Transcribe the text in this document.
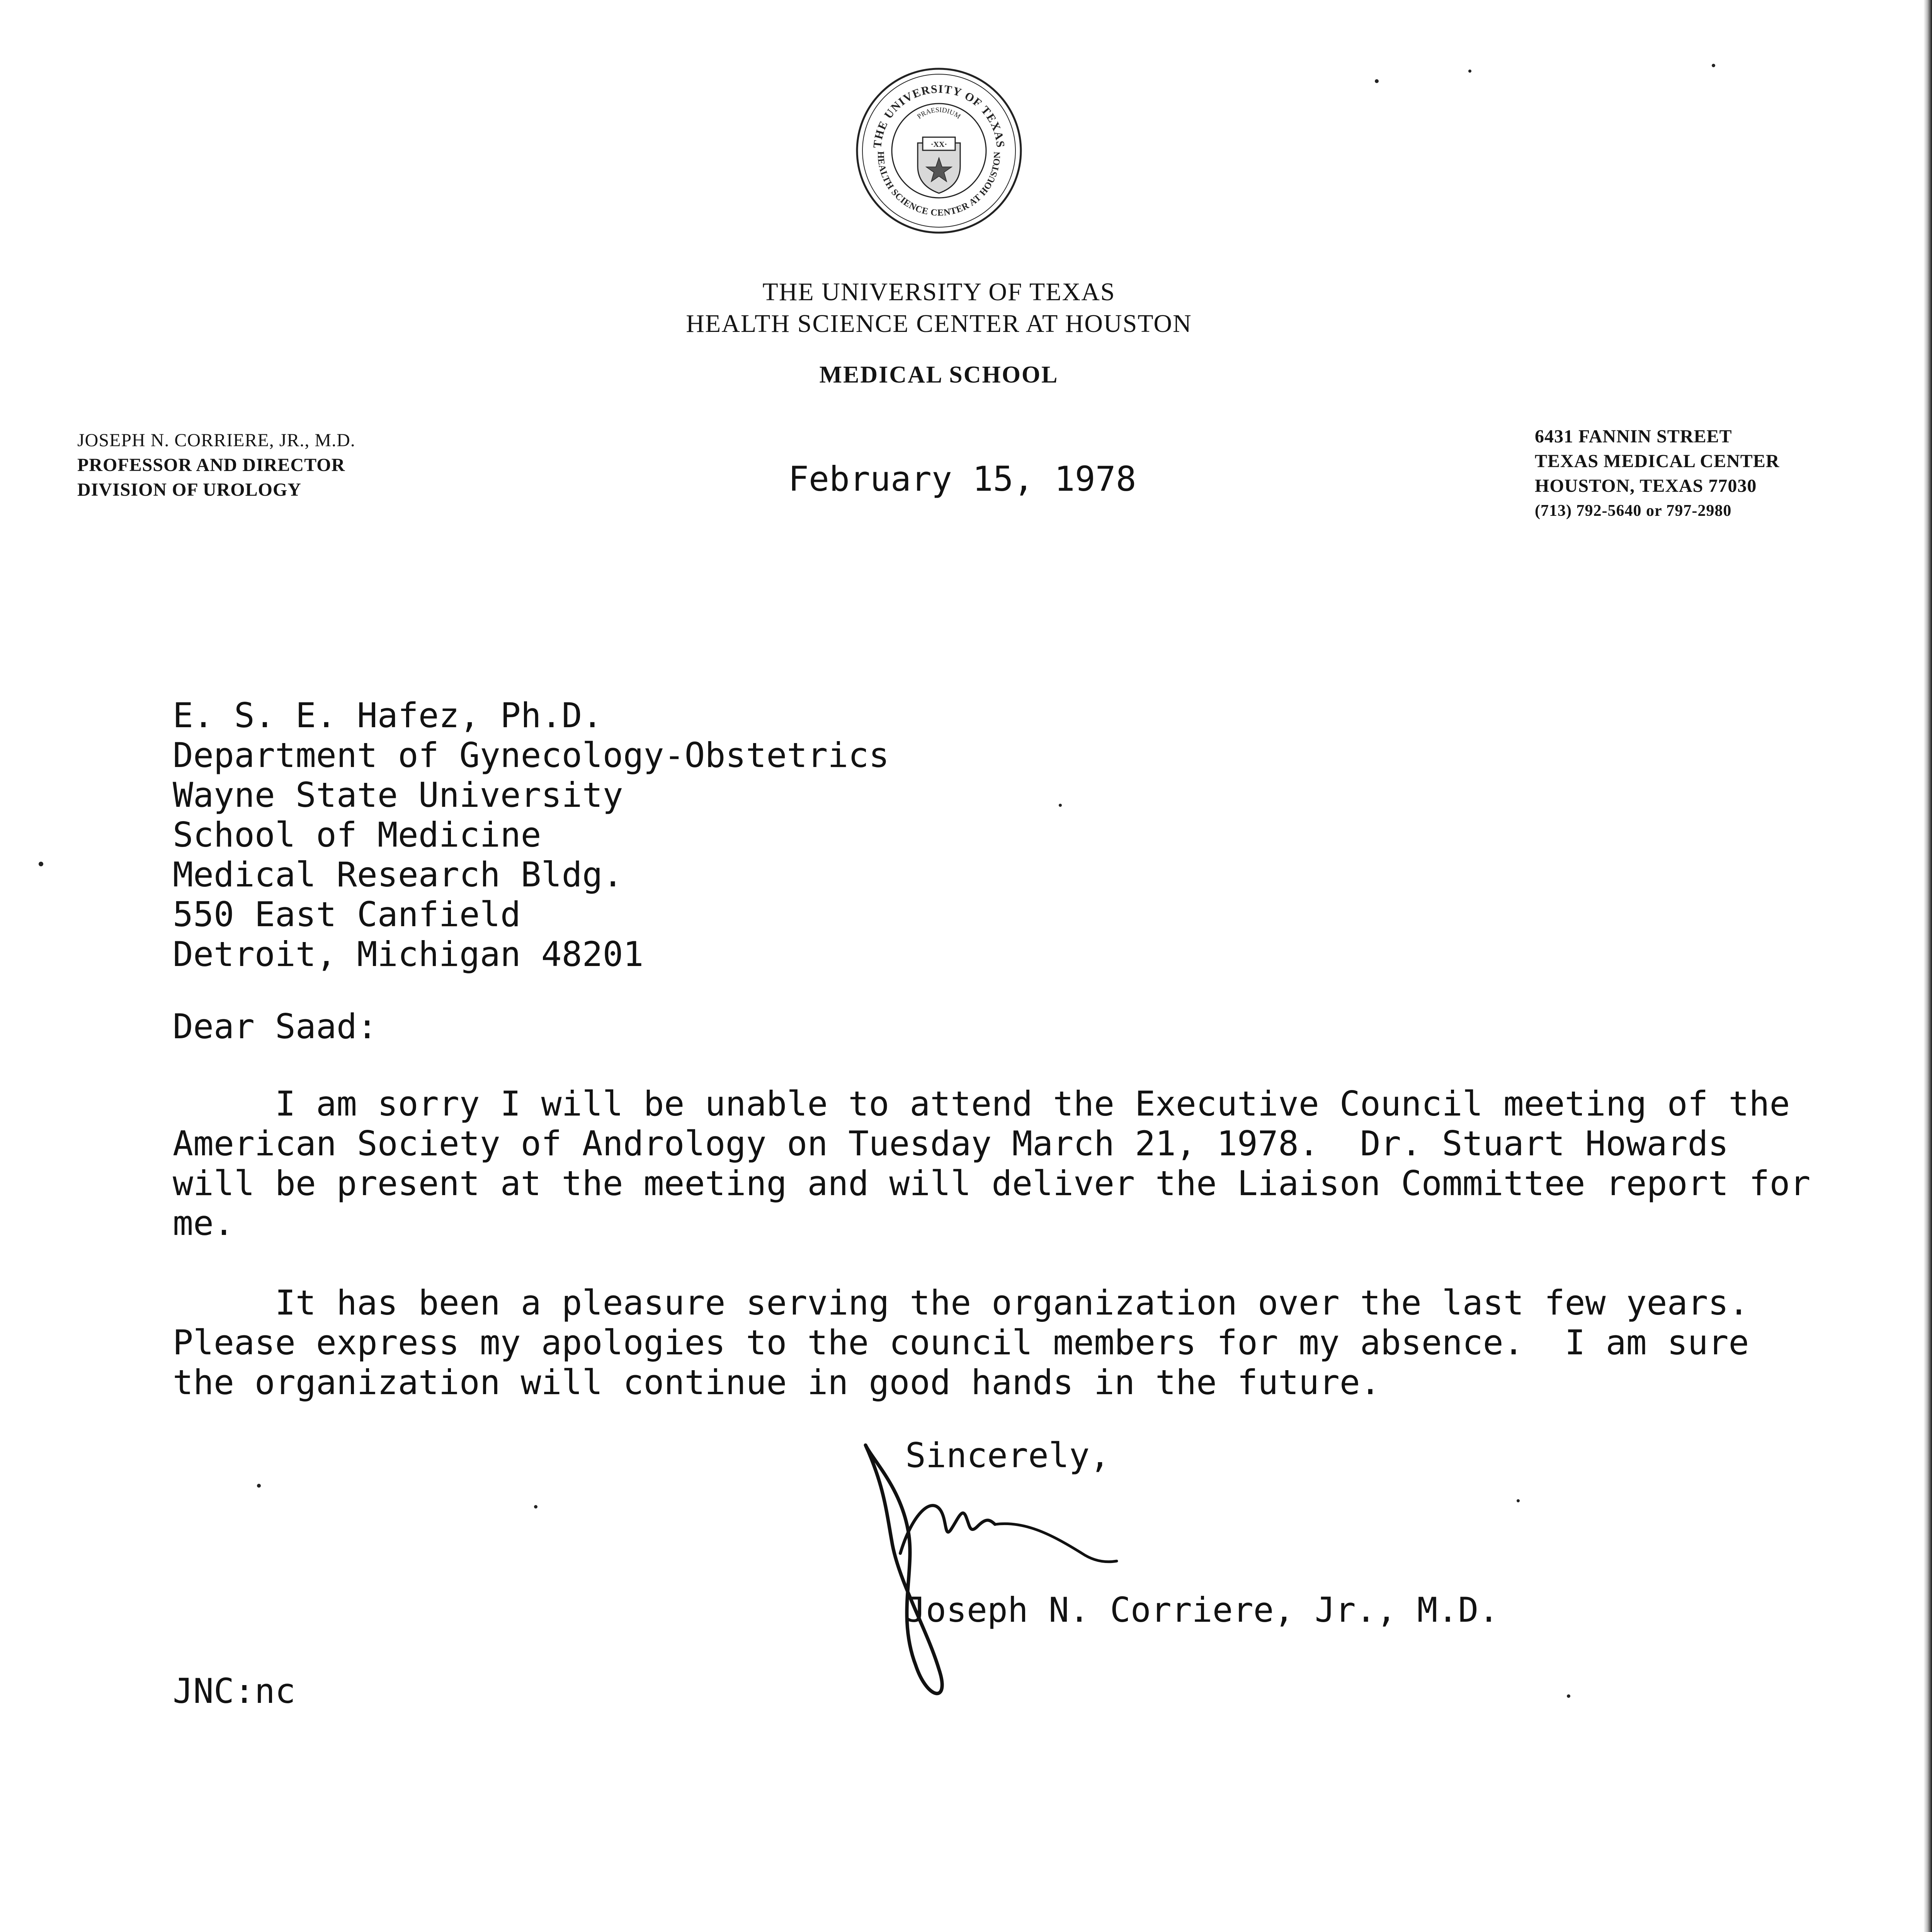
THE UNIVERSITY OF TEXAS
HEALTH SCIENCE CENTER AT HOUSTON
PRAESIDIUM
·XX·
THE UNIVERSITY OF TEXAS
HEALTH SCIENCE CENTER AT HOUSTON
MEDICAL SCHOOL
JOSEPH N. CORRIERE, JR., M.D.
PROFESSOR AND DIRECTOR
DIVISION OF UROLOGY
6431 FANNIN STREET
TEXAS MEDICAL CENTER
HOUSTON, TEXAS 77030
(713) 792-5640 or 797-2980
February 15, 1978
E. S. E. Hafez, Ph.D.
Department of Gynecology-Obstetrics
Wayne State University
School of Medicine
Medical Research Bldg.
550 East Canfield
Detroit, Michigan 48201
Dear Saad:
I am sorry I will be unable to attend the Executive Council meeting of the
American Society of Andrology on Tuesday March 21, 1978.  Dr. Stuart Howards
will be present at the meeting and will deliver the Liaison Committee report for
me.
It has been a pleasure serving the organization over the last few years.
Please express my apologies to the council members for my absence.  I am sure
the organization will continue in good hands in the future.
Sincerely,
Joseph N. Corriere, Jr., M.D.
JNC:nc
